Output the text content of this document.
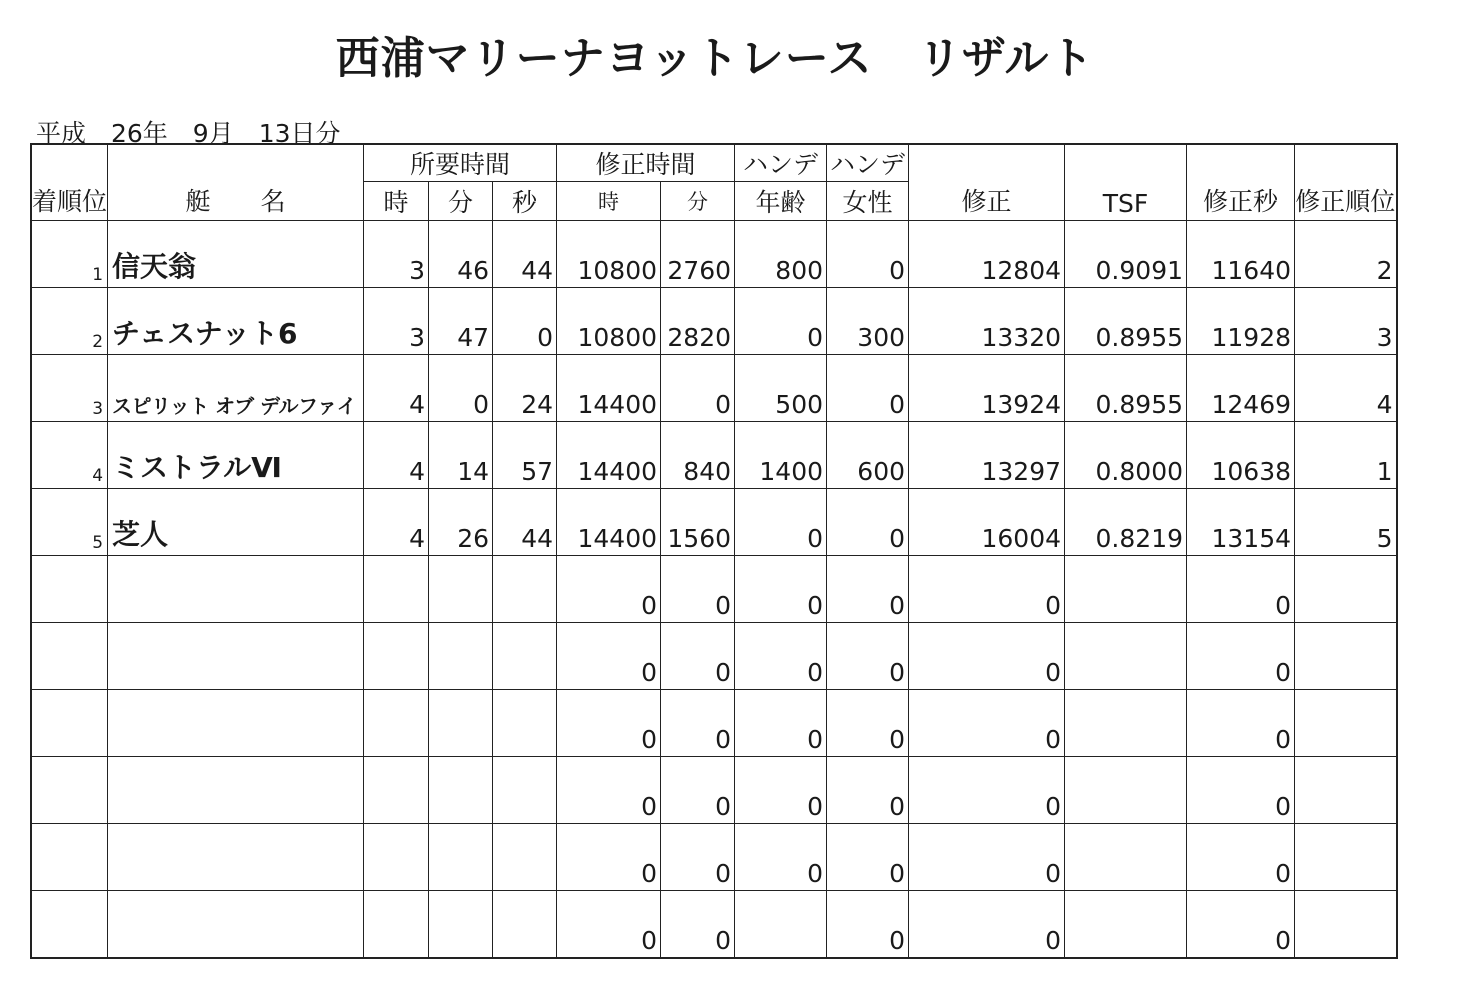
西浦マリーナヨットレース　リザルト
平成　26年　9月　13日分
着順位	艇　　名	所要時間			修正時間		ハンデ	ハンデ	修正	TSF	修正秒	修正順位
		時	分	秒	時	分	年齢	女性				
1	信天翁	3	46	44	10800	2760	800	0	12804	0.9091	11640	2
2	チェスナット6	3	47	0	10800	2820	0	300	13320	0.8955	11928	3
3	スピリット オブ デルファイ	4	0	24	14400	0	500	0	13924	0.8955	12469	4
4	ミストラルⅥ	4	14	57	14400	840	1400	600	13297	0.8000	10638	1
5	芝人	4	26	44	14400	1560	0	0	16004	0.8219	13154	5
					0	0	0	0	0		0	
					0	0	0	0	0		0	
					0	0	0	0	0		0	
					0	0	0	0	0		0	
					0	0	0	0	0		0	
					0	0		0	0		0	
